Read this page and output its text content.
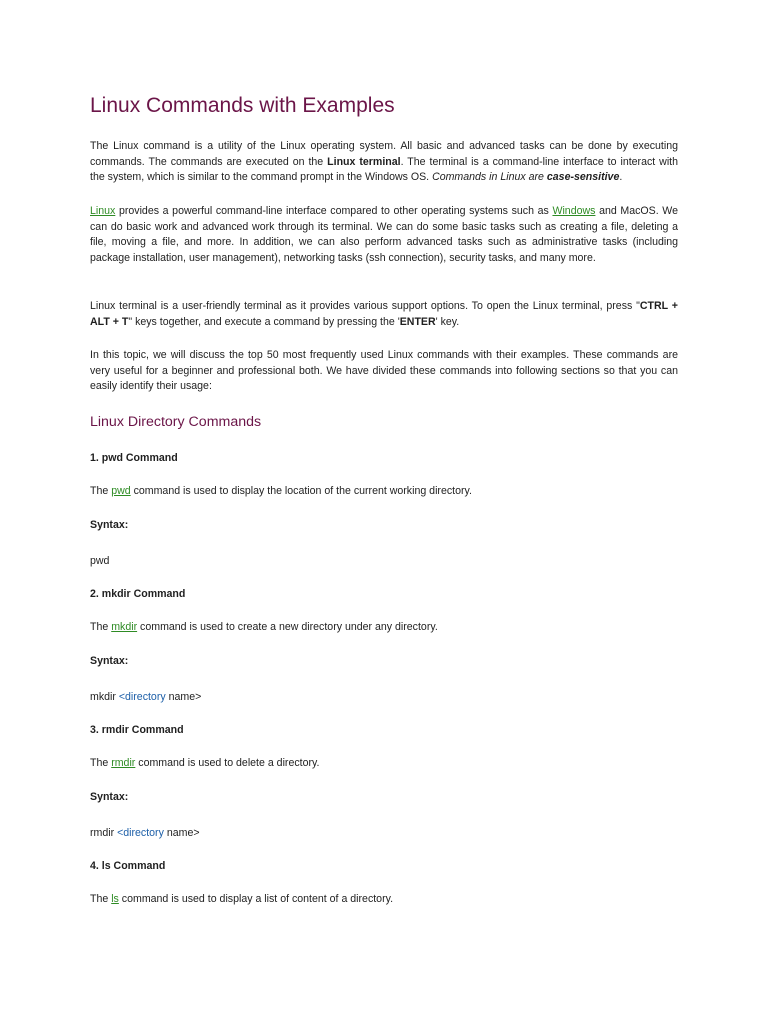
Linux Commands with Examples

The Linux command is a utility of the Linux operating system. All basic and advanced tasks can be done by executing commands. The commands are executed on the Linux terminal. The terminal is a command-line interface to interact with the system, which is similar to the command prompt in the Windows OS. Commands in Linux are case-sensitive.

Linux provides a powerful command-line interface compared to other operating systems such as Windows and MacOS. We can do basic work and advanced work through its terminal. We can do some basic tasks such as creating a file, deleting a file, moving a file, and more. In addition, we can also perform advanced tasks such as administrative tasks (including package installation, user management), networking tasks (ssh connection), security tasks, and many more.

Linux terminal is a user-friendly terminal as it provides various support options. To open the Linux terminal, press "CTRL + ALT + T" keys together, and execute a command by pressing the 'ENTER' key.

In this topic, we will discuss the top 50 most frequently used Linux commands with their examples. These commands are very useful for a beginner and professional both. We have divided these commands into following sections so that you can easily identify their usage:

Linux Directory Commands

1. pwd Command

The pwd command is used to display the location of the current working directory.

Syntax:

pwd

2. mkdir Command

The mkdir command is used to create a new directory under any directory.

Syntax:

mkdir <directory name>

3. rmdir Command

The rmdir command is used to delete a directory.

Syntax:

rmdir <directory name>

4. ls Command

The ls command is used to display a list of content of a directory.
